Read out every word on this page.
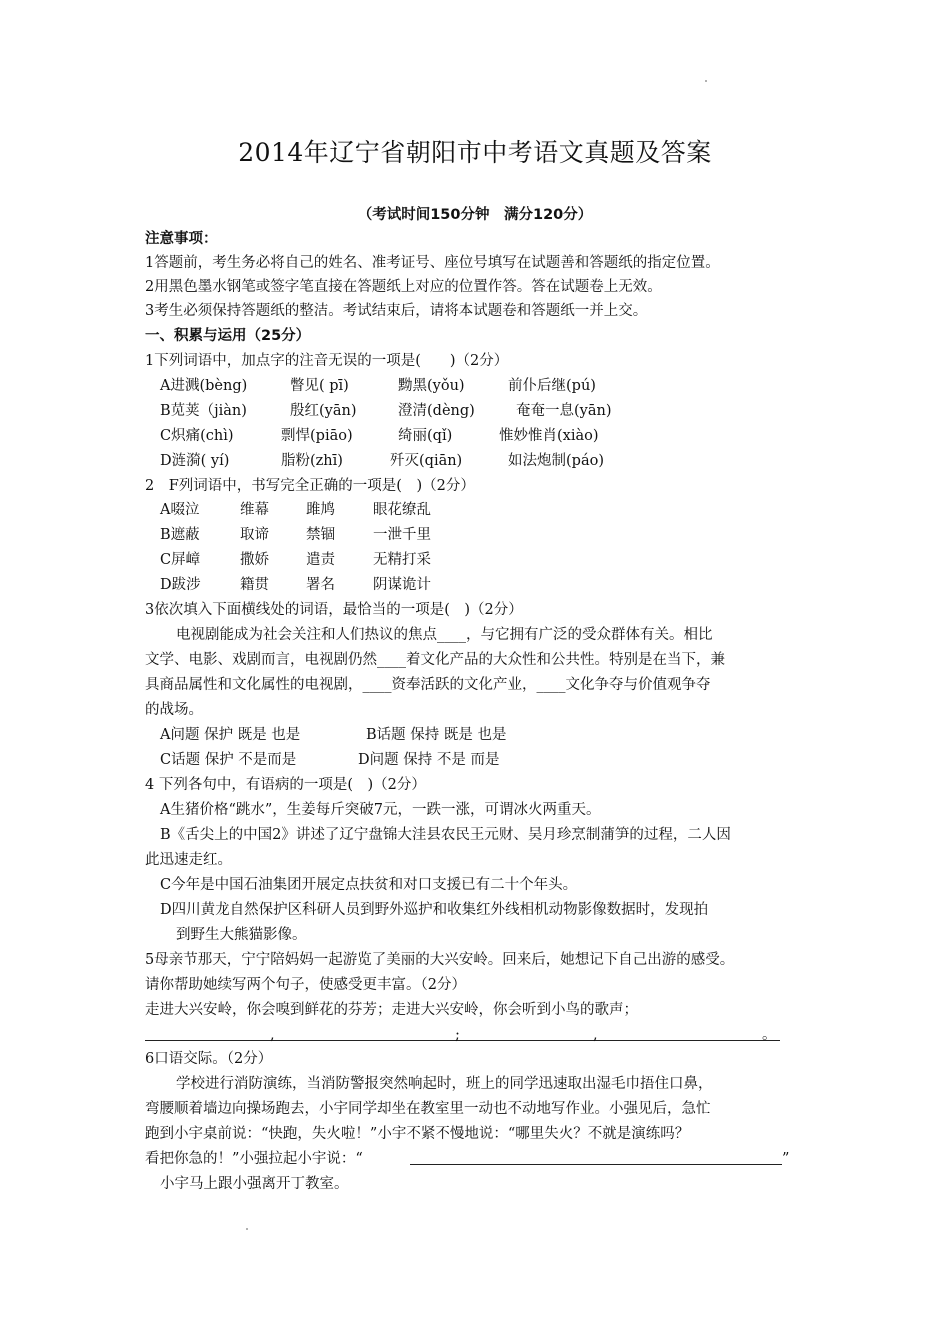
2014年辽宁省朝阳市中考语文真题及答案
（考试时间150分钟　满分120分）
注意事项：
1答题前，考生务必将自己的姓名、准考证号、座位号填写在试题善和答题纸的指定位置。
2用黑色墨水钢笔或签字笔直接在答题纸上对应的位置作答。答在试题卷上无效。
3考生必须保持答题纸的整洁。考试结束后，请将本试题卷和答题纸一并上交。
一、积累与运用（25分）
1下列词语中，加点字的注音无误的一项是(　　)（2分）
A进溅(bèng)	瞥见( pī)	黝黑(yǒu)	前仆后继(pú)
B苋荚（jiàn)	殷红(yān)	澄清(dèng)	奄奄一息(yān)
C炽痛(chì)	剽悍(piāo)	绮丽(qǐ)	惟妙惟肖(xiào)
D涟漪( yí)	脂粉(zhī)	歼灭(qiān)	如法炮制(páo)
2　F列词语中，书写完全正确的一项是(　)（2分）
A啜泣	维幕	雎鸠	眼花缭乱
B遮蔽	取谛	禁锢	一泄千里
C屏嶂	撒娇	遣责	无精打采
D跋涉	籍贯	署名	阴谋诡计
3依次填入下面横线处的词语，最恰当的一项是(　)（2分）
电视剧能成为社会关注和人们热议的焦点____，与它拥有广泛的受众群体有关。相比
文学、电影、戏剧而言，电视剧仍然____着文化产品的大众性和公共性。特别是在当下，兼
具商品属性和文化属性的电视剧，____资奉活跃的文化产业，____文化争夺与价值观争夺
的战场。
A问题 保护 既是 也是	B话题 保持 既是 也是
C话题 保护 不是而是	D问题 保持 不是 而是
4 下列各句中，有语病的一项是(　)（2分）
A生猪价格“跳水”，生姜每斤突破7元，一跌一涨，可谓冰火两重天。
B《舌尖上的中国2》讲述了辽宁盘锦大洼县农民王元财、吴月珍烹制蒲笋的过程，二人因
此迅速走红。
C今年是中国石油集团开展定点扶贫和对口支援已有二十个年头。
D四川黄龙自然保护区科研人员到野外巡护和收集红外线相机动物影像数据时，发现拍
到野生大熊猫影像。
5母亲节那天，宁宁陪妈妈一起游览了美丽的大兴安岭。回来后，她想记下自己出游的感受。
请你帮助她续写两个句子，使感受更丰富。（2分）
走进大兴安岭，你会嗅到鲜花的芬芳；走进大兴安岭，你会听到小鸟的歌声；
,	;	,	。
6口语交际。（2分）
学校进行消防演练，当消防警报突然响起时，班上的同学迅速取出湿毛巾捂住口鼻，
弯腰顺着墙边向操场跑去，小宇同学却坐在教室里一动也不动地写作业。小强见后，急忙
跑到小宇桌前说：“快跑，失火啦！”小宇不紧不慢地说：“哪里失火？不就是演练吗？
看把你急的！”小强拉起小宇说：“	”
小宇马上跟小强离开丁教室。
